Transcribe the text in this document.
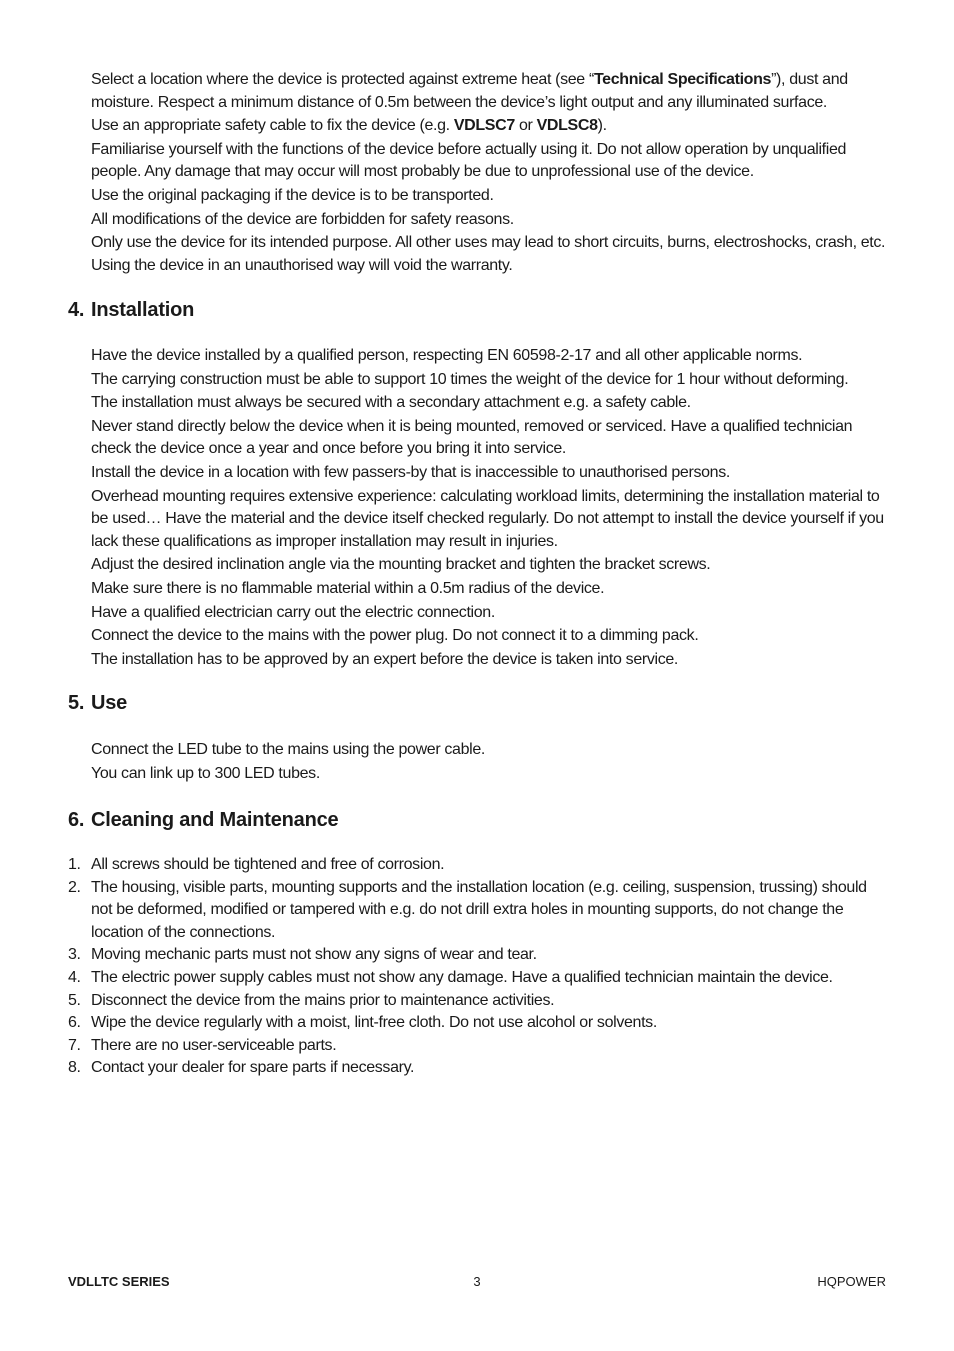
Select a location where the device is protected against extreme heat (see “Technical Specifications”), dust and moisture. Respect a minimum distance of 0.5m between the device’s light output and any illuminated surface.
Use an appropriate safety cable to fix the device (e.g. VDLSC7 or VDLSC8).
Familiarise yourself with the functions of the device before actually using it. Do not allow operation by unqualified people. Any damage that may occur will most probably be due to unprofessional use of the device.
Use the original packaging if the device is to be transported.
All modifications of the device are forbidden for safety reasons.
Only use the device for its intended purpose. All other uses may lead to short circuits, burns, electroshocks, crash, etc. Using the device in an unauthorised way will void the warranty.
4. Installation
Have the device installed by a qualified person, respecting EN 60598-2-17 and all other applicable norms.
The carrying construction must be able to support 10 times the weight of the device for 1 hour without deforming.
The installation must always be secured with a secondary attachment e.g. a safety cable.
Never stand directly below the device when it is being mounted, removed or serviced. Have a qualified technician check the device once a year and once before you bring it into service.
Install the device in a location with few passers-by that is inaccessible to unauthorised persons.
Overhead mounting requires extensive experience: calculating workload limits, determining the installation material to be used… Have the material and the device itself checked regularly. Do not attempt to install the device yourself if you lack these qualifications as improper installation may result in injuries.
Adjust the desired inclination angle via the mounting bracket and tighten the bracket screws.
Make sure there is no flammable material within a 0.5m radius of the device.
Have a qualified electrician carry out the electric connection.
Connect the device to the mains with the power plug. Do not connect it to a dimming pack.
The installation has to be approved by an expert before the device is taken into service.
5. Use
Connect the LED tube to the mains using the power cable.
You can link up to 300 LED tubes.
6. Cleaning and Maintenance
1. All screws should be tightened and free of corrosion.
2. The housing, visible parts, mounting supports and the installation location (e.g. ceiling, suspension, trussing) should not be deformed, modified or tampered with e.g. do not drill extra holes in mounting supports, do not change the location of the connections.
3. Moving mechanic parts must not show any signs of wear and tear.
4. The electric power supply cables must not show any damage. Have a qualified technician maintain the device.
5. Disconnect the device from the mains prior to maintenance activities.
6. Wipe the device regularly with a moist, lint-free cloth. Do not use alcohol or solvents.
7. There are no user-serviceable parts.
8. Contact your dealer for spare parts if necessary.
VDLLTC SERIES	3	HQPOWER
